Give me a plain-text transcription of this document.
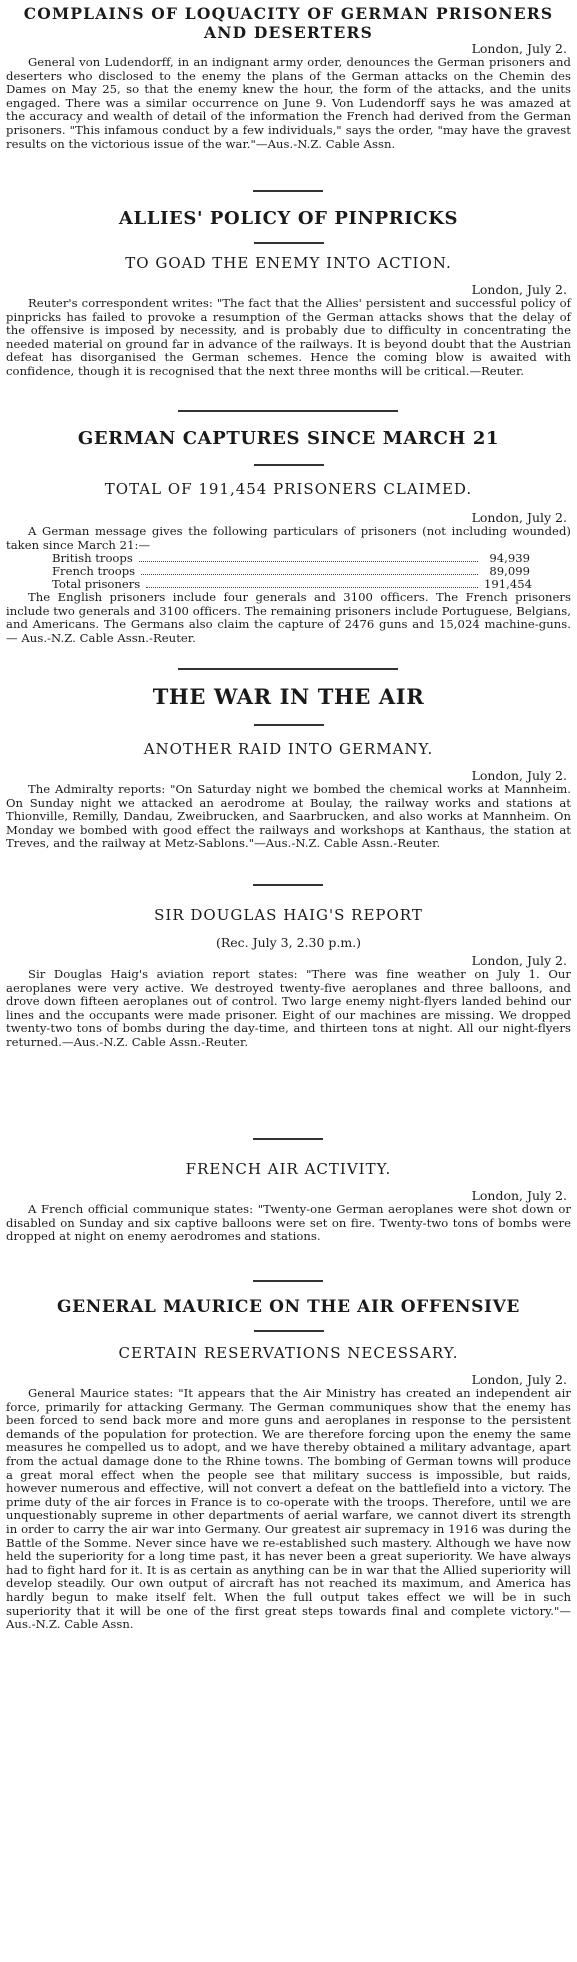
COMPLAINS OF LOQUACITY OF GERMAN PRISONERS AND DESERTERS
London, July 2.

General von Ludendorff, in an indignant army order, denounces the German prisoners and deserters who disclosed to the enemy the plans of the German attacks on the Chemin des Dames on May 25, so that the enemy knew the hour, the form of the attacks, and the units engaged. There was a similar occurrence on June 9. Von Ludendorff says he was amazed at the accuracy and wealth of detail of the information the French had derived from the German prisoners. "This infamous conduct by a few individuals," says the order, "may have the gravest results on the victorious issue of the war."—Aus.-N.Z. Cable Assn.

ALLIES' POLICY OF PINPRICKS
TO GOAD THE ENEMY INTO ACTION.
London, July 2.

Reuter's correspondent writes: "The fact that the Allies' persistent and successful policy of pinpricks has failed to provoke a resumption of the German attacks shows that the delay of the offensive is imposed by necessity, and is probably due to difficulty in concentrating the needed material on ground far in advance of the railways. It is beyond doubt that the Austrian defeat has disorganised the German schemes. Hence the coming blow is awaited with confidence, though it is recognised that the next three months will be critical.—Reuter.

GERMAN CAPTURES SINCE MARCH 21
TOTAL OF 191,454 PRISONERS CLAIMED.
London, July 2.

A German message gives the following particulars of prisoners (not including wounded) taken since March 21:—

British troops	94,939
French troops	89,099
Total prisoners	191,454

The English prisoners include four generals and 3100 officers. The French prisoners include two generals and 3100 officers. The remaining prisoners include Portuguese, Belgians, and Americans. The Germans also claim the capture of 2476 guns and 15,024 machine-guns. — Aus.-N.Z. Cable Assn.-Reuter.

THE WAR IN THE AIR
ANOTHER RAID INTO GERMANY.
London, July 2.

The Admiralty reports: "On Saturday night we bombed the chemical works at Mannheim. On Sunday night we attacked an aerodrome at Boulay, the railway works and stations at Thionville, Remilly, Dandau, Zweibrucken, and Saarbrucken, and also works at Mannheim. On Monday we bombed with good effect the railways and workshops at Kanthaus, the station at Treves, and the railway at Metz-Sablons."—Aus.-N.Z. Cable Assn.-Reuter.

SIR DOUGLAS HAIG'S REPORT
(Rec. July 3, 2.30 p.m.)
London, July 2.

Sir Douglas Haig's aviation report states: "There was fine weather on July 1. Our aeroplanes were very active. We destroyed twenty-five aeroplanes and three balloons, and drove down fifteen aeroplanes out of control. Two large enemy night-flyers landed behind our lines and the occupants were made prisoner. Eight of our machines are missing. We dropped twenty-two tons of bombs during the day-time, and thirteen tons at night. All our night-flyers returned.—Aus.-N.Z. Cable Assn.-Reuter.

FRENCH AIR ACTIVITY.
London, July 2.

A French official communique states: "Twenty-one German aeroplanes were shot down or disabled on Sunday and six captive balloons were set on fire. Twenty-two tons of bombs were dropped at night on enemy aerodromes and stations.

GENERAL MAURICE ON THE AIR OFFENSIVE
CERTAIN RESERVATIONS NECESSARY.
London, July 2.

General Maurice states: "It appears that the Air Ministry has created an independent air force, primarily for attacking Germany. The German communiques show that the enemy has been forced to send back more and more guns and aeroplanes in response to the persistent demands of the population for protection. We are therefore forcing upon the enemy the same measures he compelled us to adopt, and we have thereby obtained a military advantage, apart from the actual damage done to the Rhine towns. The bombing of German towns will produce a great moral effect when the people see that military success is impossible, but raids, however numerous and effective, will not convert a defeat on the battlefield into a victory. The prime duty of the air forces in France is to co-operate with the troops. Therefore, until we are unquestionably supreme in other departments of aerial warfare, we cannot divert its strength in order to carry the air war into Germany. Our greatest air supremacy in 1916 was during the Battle of the Somme. Never since have we re-established such mastery. Although we have now held the superiority for a long time past, it has never been a great superiority. We have always had to fight hard for it. It is as certain as anything can be in war that the Allied superiority will develop steadily. Our own output of aircraft has not reached its maximum, and America has hardly begun to make itself felt. When the full output takes effect we will be in such superiority that it will be one of the first great steps towards final and complete victory."—Aus.-N.Z. Cable Assn.
